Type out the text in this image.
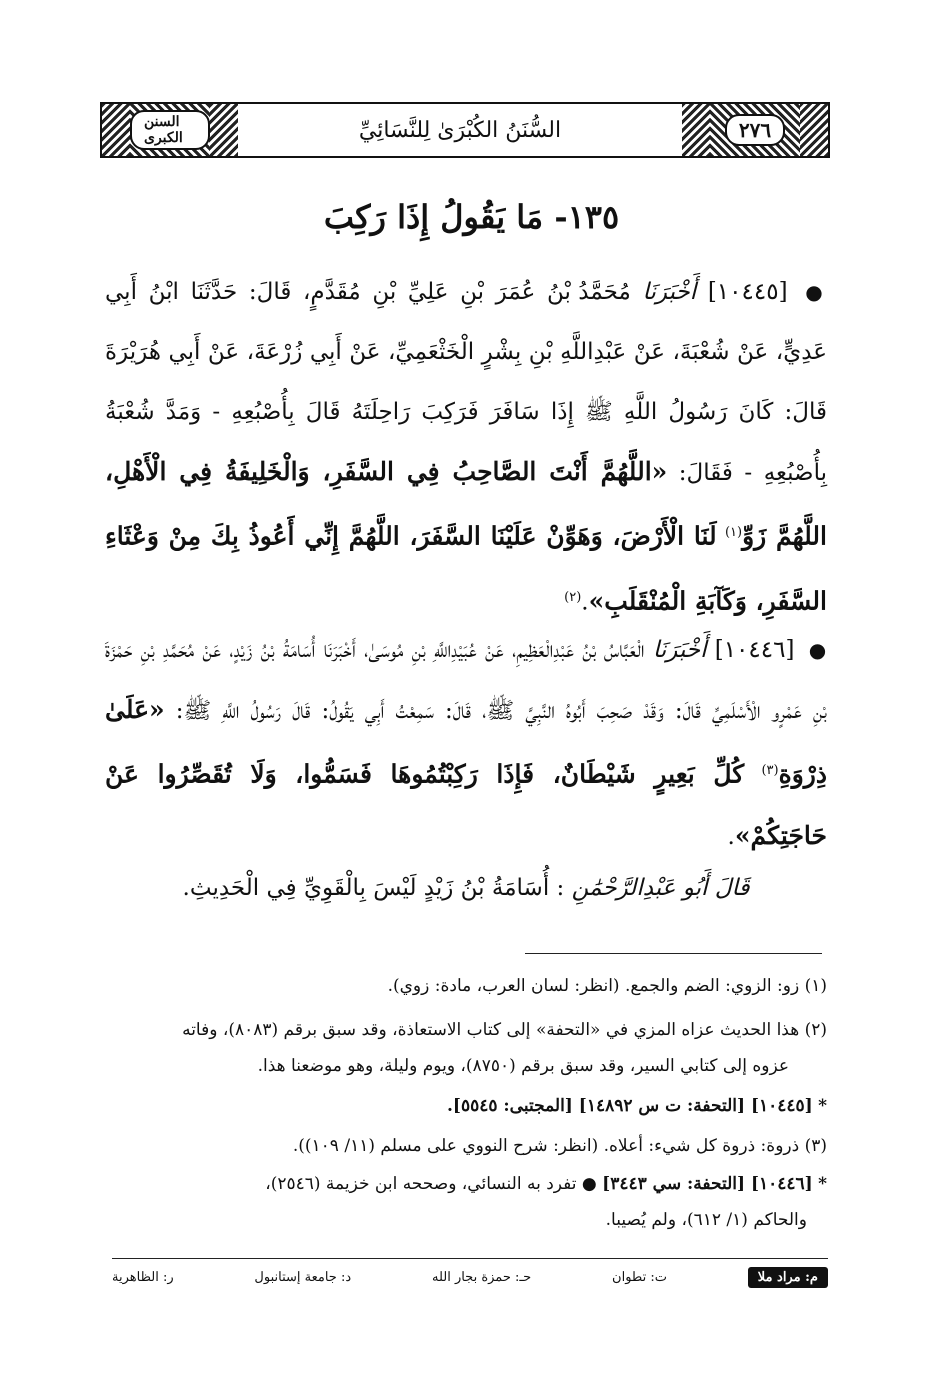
السنن الكبرى	السُّنَنُ الكُبْرَىٰ لِلنَّسَائِيِّ	٢٧٦
١٣٥- مَا يَقُولُ إِذَا رَكِبَ
● [١٠٤٤٥] أَخْبَرَنَا مُحَمَّدُ بْنُ عُمَرَ بْنِ عَلِيِّ بْنِ مُقَدَّمٍ، قَالَ: حَدَّثَنَا ابْنُ أَبِي عَدِيٍّ، عَنْ شُعْبَةَ، عَنْ عَبْدِاللَّهِ بْنِ بِشْرٍ الْخَثْعَمِيِّ، عَنْ أَبِي زُرْعَةَ، عَنْ أَبِي هُرَيْرَةَ قَالَ: كَانَ رَسُولُ اللَّهِ ﷺ إِذَا سَافَرَ فَرَكِبَ رَاحِلَتَهُ قَالَ بِأُصْبُعِهِ - وَمَدَّ شُعْبَةُ بِأُصْبُعِهِ - فَقَالَ: «اللَّهُمَّ أَنْتَ الصَّاحِبُ فِي السَّفَرِ، وَالْخَلِيفَةُ فِي الْأَهْلِ، اللَّهُمَّ زَوِّ$^{(١)}$ لَنَا الْأَرْضَ، وَهَوِّنْ عَلَيْنَا السَّفَرَ، اللَّهُمَّ إِنِّي أَعُوذُ بِكَ مِنْ وَعْثَاءِ السَّفَرِ، وَكَآبَةِ الْمُنْقَلَبِ».$^{(٢)}$
● [١٠٤٤٦] أَخْبَرَنَا الْعَبَّاسُ بْنُ عَبْدِالْعَظِيمِ، عَنْ عُبَيْدِاللَّهِ بْنِ مُوسَىٰ، أَخْبَرَنَا أُسَامَةُ بْنُ زَيْدٍ، عَنْ مُحَمَّدِ بْنِ حَمْزَةَ بْنِ عَمْرٍو الْأَسْلَمِيِّ قَالَ: وَقَدْ صَحِبَ أَبُوهُ النَّبِيَّ ﷺ، قَالَ: سَمِعْتُ أَبِي يَقُولُ: قَالَ رَسُولُ اللَّهِ ﷺ: «عَلَىٰ ذِرْوَةِ$^{(٣)}$ كُلِّ بَعِيرٍ شَيْطَانٌ، فَإِذَا رَكِبْتُمُوهَا فَسَمُّوا، وَلَا تُقَصِّرُوا عَنْ حَاجَتِكُمْ».
قَالَ أَبُو عَبْدِالرَّحْمَٰنِ : أُسَامَةُ بْنُ زَيْدٍ لَيْسَ بِالْقَوِيِّ فِي الْحَدِيثِ.
(١) زو: الزوي: الضم والجمع. (انظر: لسان العرب، مادة: زوي).
(٢) هذا الحديث عزاه المزي في «التحفة» إلى كتاب الاستعاذة، وقد سبق برقم (٨٠٨٣)، وفاته
عزوه إلى كتابي السير، وقد سبق برقم (٨٧٥٠)، ويوم وليلة، وهو موضعنا هذا.
* [١٠٤٤٥] [التحفة: ت س ١٤٨٩٢] [المجتبى: ٥٥٤٥].
(٣) ذروة: ذروة كل شيء: أعلاه. (انظر: شرح النووي على مسلم (١١/ ١٠٩)).
* [١٠٤٤٦] [التحفة: سي ٣٤٤٣] ● تفرد به النسائي، وصححه ابن خزيمة (٢٥٤٦)،
والحاكم (١/ ٦١٢)، ولم يُصيبا.
م: مراد ملا
ت: تطوان
حـ: حمزة بجار الله
د: جامعة إستانبول
ر: الظاهرية
